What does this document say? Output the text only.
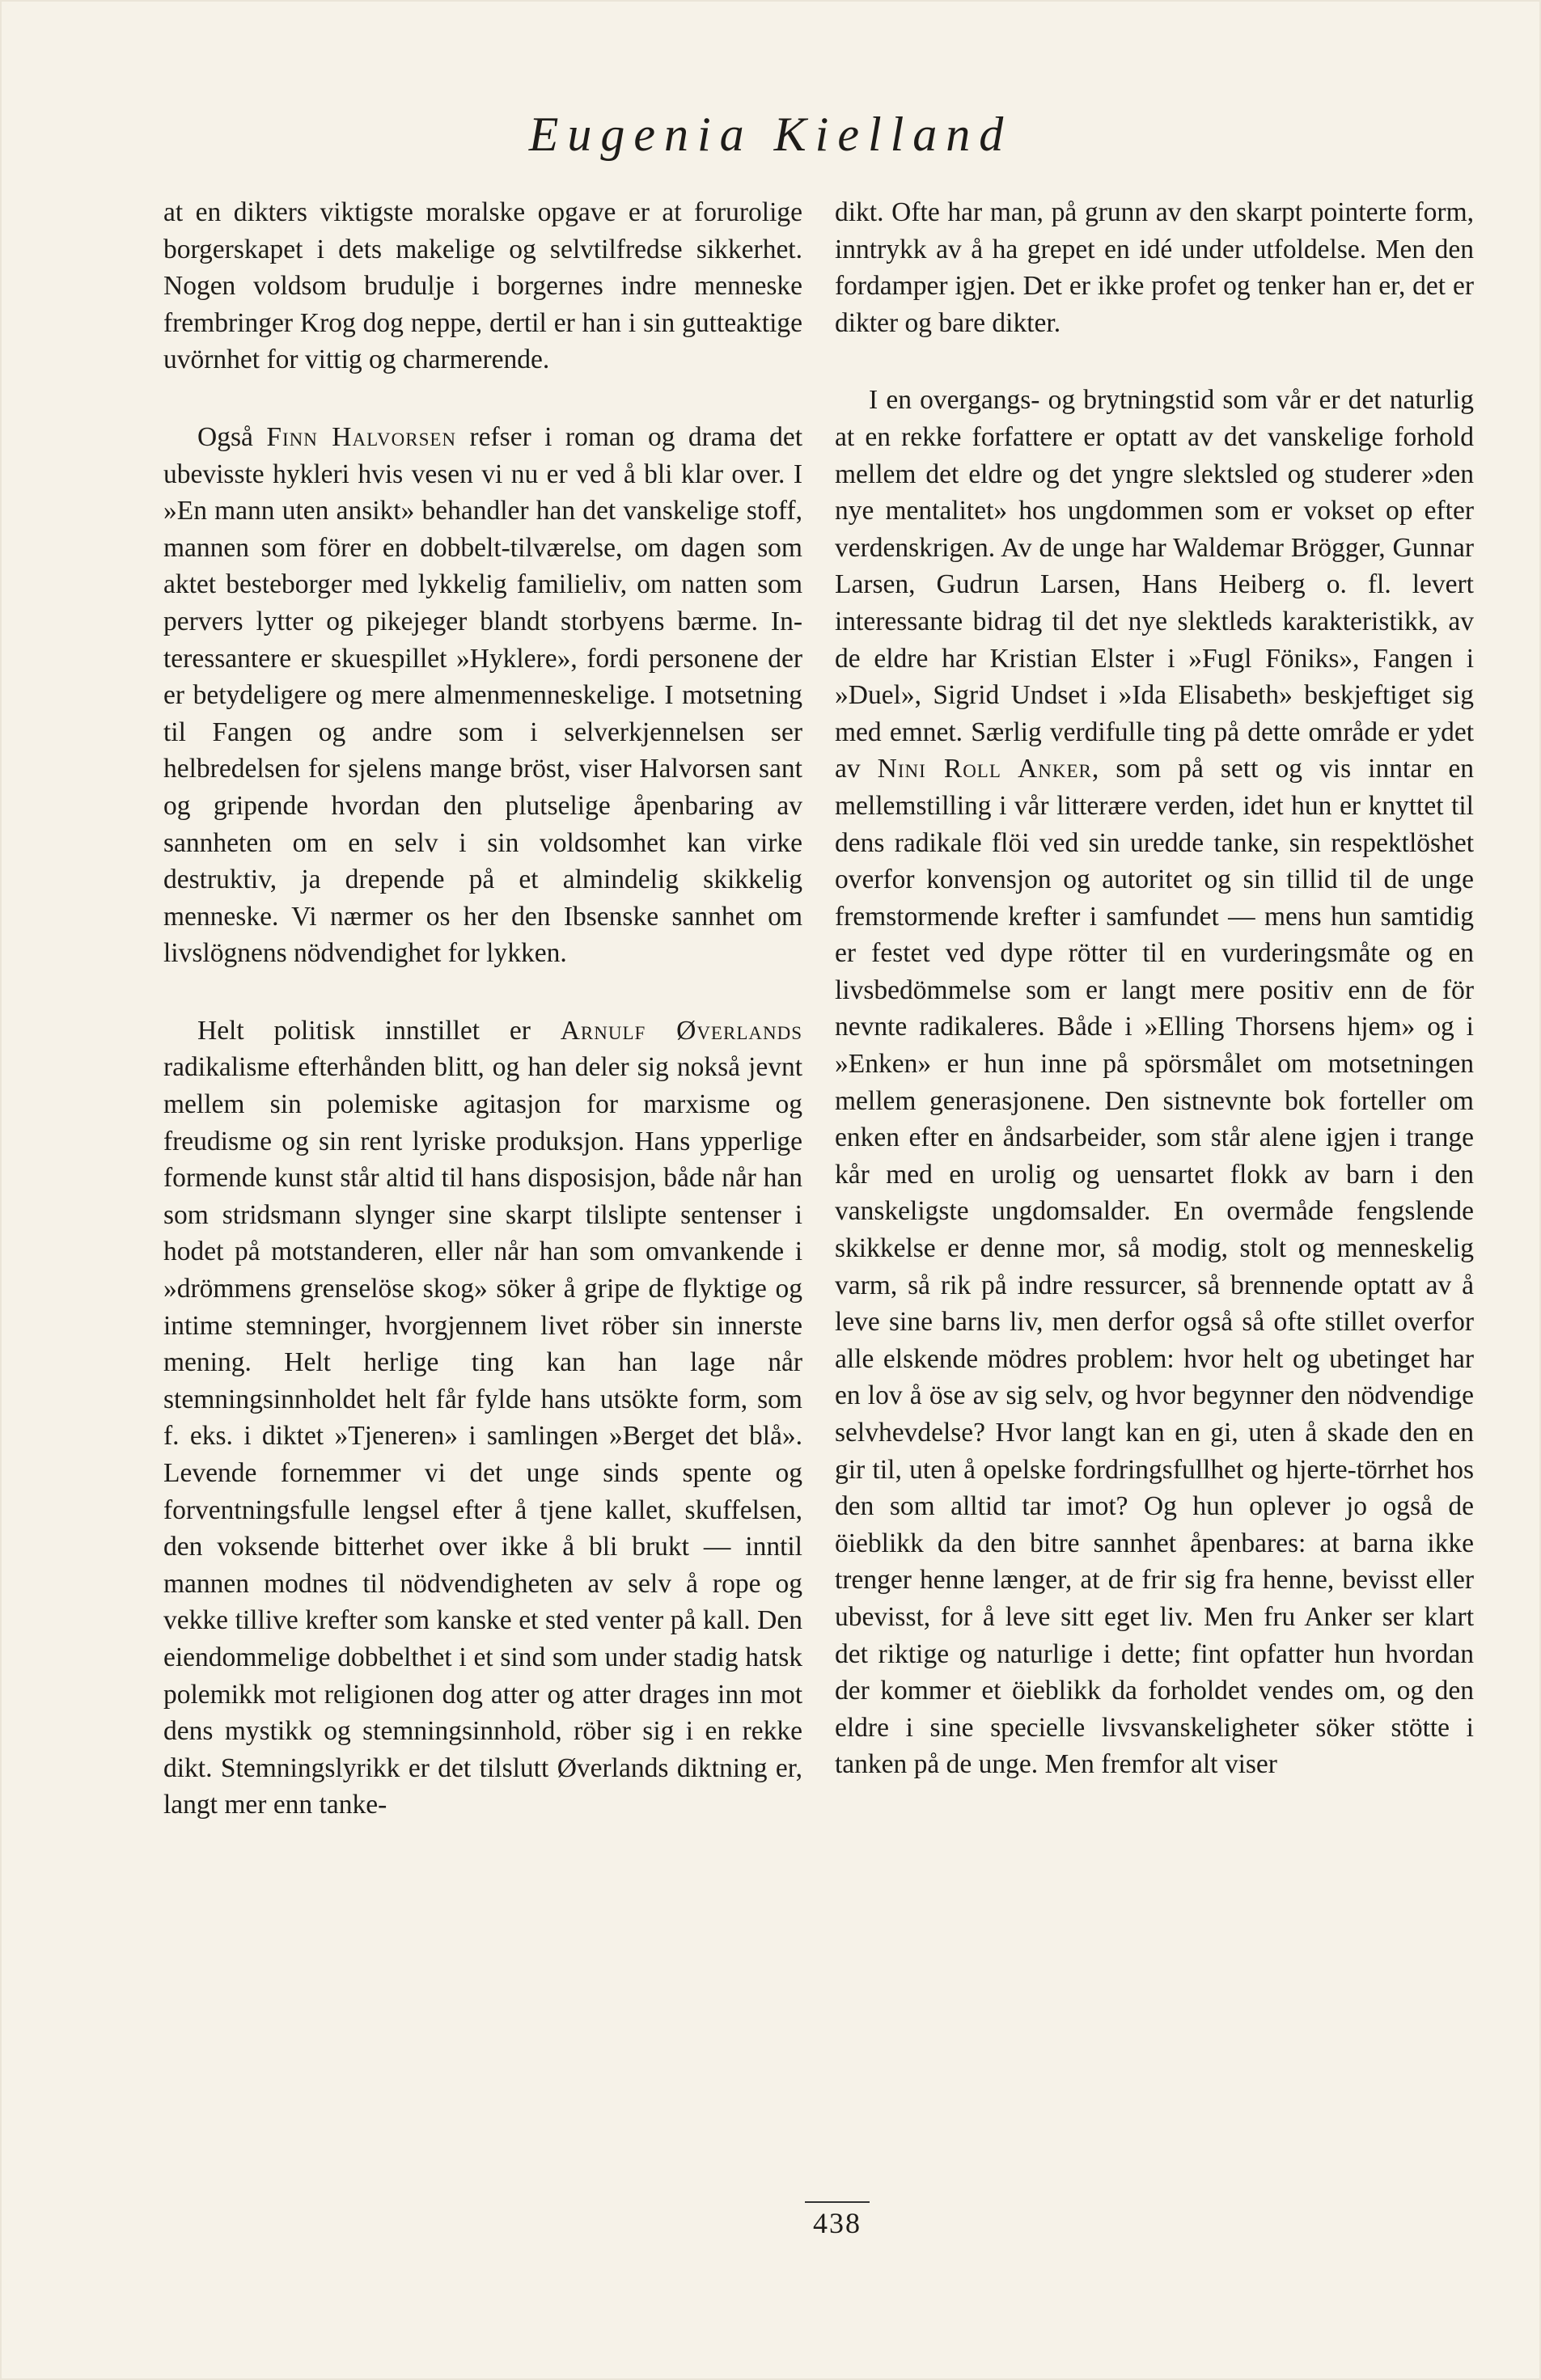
Eugenia Kielland

at en dikters viktigste moralske opgave er at forurolige borgerskapet i dets makelige og selvtilfredse sikkerhet. Nogen voldsom brudulje i borgernes indre menneske frembringer Krog dog neppe, dertil er han i sin gutteaktige uvörnhet for vittig og charmerende.

Også Finn Halvorsen refser i roman og drama det ubevisste hykleri hvis vesen vi nu er ved å bli klar over. I »En mann uten ansikt» behandler han det vanskelige stoff, mannen som förer en dobbelt-tilværelse, om dagen som aktet besteborger med lykkelig familieliv, om natten som pervers lytter og pikejeger blandt storbyens bærme. Interessantere er skuespillet »Hyklere», fordi personene der er betydeligere og mere almenmenneskelige. I motsetning til Fangen og andre som i selverkjennelsen ser helbredelsen for sjelens mange bröst, viser Halvorsen sant og gripende hvordan den plutselige åpenbaring av sannheten om en selv i sin voldsomhet kan virke destruktiv, ja drepende på et almindelig skikkelig menneske. Vi nærmer os her den Ibsenske sannhet om livslögnens nödvendighet for lykken.

Helt politisk innstillet er Arnulf Øverlands radikalisme efterhånden blitt, og han deler sig nokså jevnt mellem sin polemiske agitasjon for marxisme og freudisme og sin rent lyriske produksjon. Hans ypperlige formende kunst står altid til hans disposisjon, både når han som stridsmann slynger sine skarpt tilslipte sentenser i hodet på motstanderen, eller når han som omvankende i »drömmens grenselöse skog» söker å gripe de flyktige og intime stemninger, hvorgjennem livet röber sin innerste mening. Helt herlige ting kan han lage når stemningsinnholdet helt får fylde hans utsökte form, som f. eks. i diktet »Tjeneren» i samlingen »Berget det blå». Levende fornemmer vi det unge sinds spente og forventningsfulle lengsel efter å tjene kallet, skuffelsen, den voksende bitterhet over ikke å bli brukt — inntil mannen modnes til nödvendigheten av selv å rope og vekke tillive krefter som kanske et sted venter på kall. Den eiendommelige dobbelthet i et sind som under stadig hatsk polemikk mot religionen dog atter og atter drages inn mot dens mystikk og stemningsinnhold, röber sig i en rekke dikt. Stemningslyrikk er det tilslutt Øverlands diktning er, langt mer enn tanke-

dikt. Ofte har man, på grunn av den skarpt pointerte form, inntrykk av å ha grepet en idé under utfoldelse. Men den fordamper igjen. Det er ikke profet og tenker han er, det er dikter og bare dikter.

I en overgangs- og brytningstid som vår er det naturlig at en rekke forfattere er optatt av det vanskelige forhold mellem det eldre og det yngre slektsled og studerer »den nye mentalitet» hos ungdommen som er vokset op efter verdenskrigen. Av de unge har Waldemar Brögger, Gunnar Larsen, Gudrun Larsen, Hans Heiberg o. fl. levert interessante bidrag til det nye slektleds karakteristikk, av de eldre har Kristian Elster i »Fugl Föniks», Fangen i »Duel», Sigrid Undset i »Ida Elisabeth» beskjeftiget sig med emnet. Særlig verdifulle ting på dette område er ydet av Nini Roll Anker, som på sett og vis inntar en mellemstilling i vår litterære verden, idet hun er knyttet til dens radikale flöi ved sin uredde tanke, sin respektlöshet overfor konvensjon og autoritet og sin tillid til de unge fremstormende krefter i samfundet — mens hun samtidig er festet ved dype rötter til en vurderingsmåte og en livsbedömmelse som er langt mere positiv enn de för nevnte radikaleres. Både i »Elling Thorsens hjem» og i »Enken» er hun inne på spörsmålet om motsetningen mellem generasjonene. Den sistnevnte bok forteller om enken efter en åndsarbeider, som står alene igjen i trange kår med en urolig og uensartet flokk av barn i den vanskeligste ungdomsalder. En overmåde fengslende skikkelse er denne mor, så modig, stolt og menneskelig varm, så rik på indre ressurcer, så brennende optatt av å leve sine barns liv, men derfor også så ofte stillet overfor alle elskende mödres problem: hvor helt og ubetinget har en lov å öse av sig selv, og hvor begynner den nödvendige selvhevdelse? Hvor langt kan en gi, uten å skade den en gir til, uten å opelske fordringsfullhet og hjerte-törrhet hos den som alltid tar imot? Og hun oplever jo også de öieblikk da den bitre sannhet åpenbares: at barna ikke trenger henne længer, at de frir sig fra henne, bevisst eller ubevisst, for å leve sitt eget liv. Men fru Anker ser klart det riktige og naturlige i dette; fint opfatter hun hvordan der kommer et öieblikk da forholdet vendes om, og den eldre i sine specielle livsvanskeligheter söker stötte i tanken på de unge. Men fremfor alt viser

438
